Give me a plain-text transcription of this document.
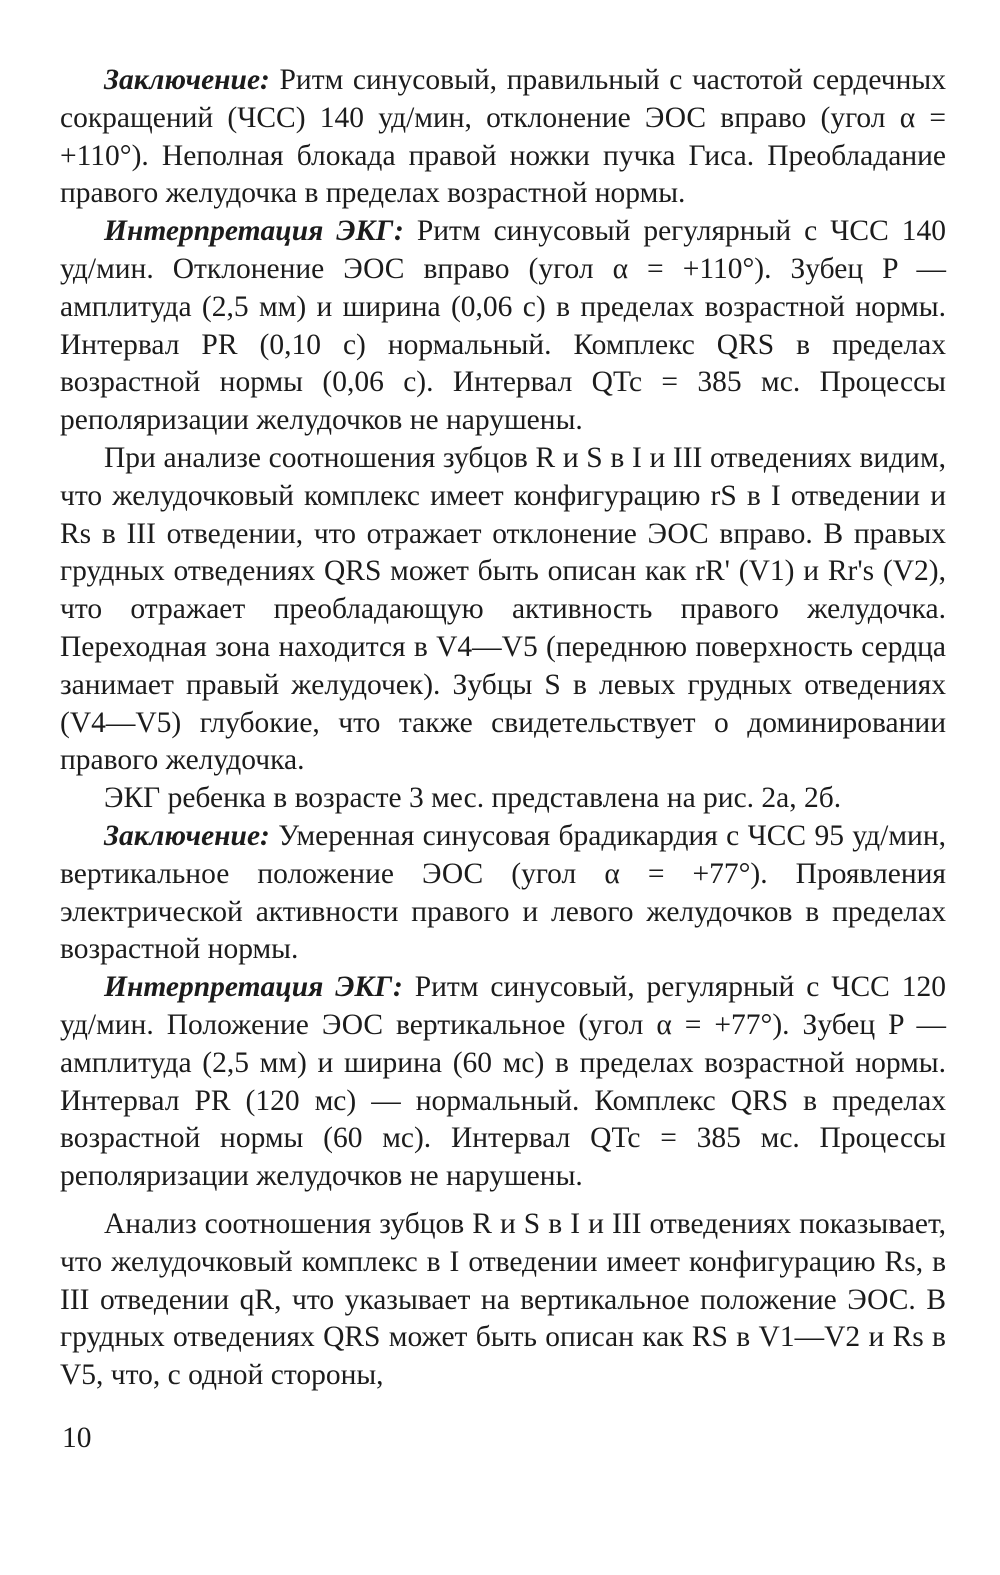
Заключение: Ритм синусовый, правильный с частотой сердечных сокращений (ЧСС) 140 уд/мин, отклонение ЭОС вправо (угол α = +110°). Неполная блокада правой ножки пучка Гиса. Преобладание правого желудочка в пределах возрастной нормы.

Интерпретация ЭКГ: Ритм синусовый регулярный с ЧСС 140 уд/мин. Отклонение ЭОС вправо (угол α = +110°). Зубец P — амплитуда (2,5 мм) и ширина (0,06 с) в пределах возрастной нормы. Интервал PR (0,10 с) нормальный. Комплекс QRS в пределах возрастной нормы (0,06 с). Интервал QTc = 385 мс. Процессы реполяризации желудочков не нарушены.

При анализе соотношения зубцов R и S в I и III отведениях видим, что желудочковый комплекс имеет конфигурацию rS в I отведении и Rs в III отведении, что отражает отклонение ЭОС вправо. В правых грудных отведениях QRS может быть описан как rR' (V1) и Rr's (V2), что отражает преобладающую активность правого желудочка. Переходная зона находится в V4—V5 (переднюю поверхность сердца занимает правый желудочек). Зубцы S в левых грудных отведениях (V4—V5) глубокие, что также свидетельствует о доминировании правого желудочка.

ЭКГ ребенка в возрасте 3 мес. представлена на рис. 2а, 2б.

Заключение: Умеренная синусовая брадикардия с ЧСС 95 уд/мин, вертикальное положение ЭОС (угол α = +77°). Проявления электрической активности правого и левого желудочков в пределах возрастной нормы.

Интерпретация ЭКГ: Ритм синусовый, регулярный с ЧСС 120 уд/мин. Положение ЭОС вертикальное (угол α = +77°). Зубец P — амплитуда (2,5 мм) и ширина (60 мс) в пределах возрастной нормы. Интервал PR (120 мс) — нормальный. Комплекс QRS в пределах возрастной нормы (60 мс). Интервал QTc = 385 мс. Процессы реполяризации желудочков не нарушены.

Анализ соотношения зубцов R и S в I и III отведениях показывает, что желудочковый комплекс в I отведении имеет конфигурацию Rs, в III отведении qR, что указывает на вертикальное положение ЭОС. В грудных отведениях QRS может быть описан как RS в V1—V2 и Rs в V5, что, с одной стороны,

10
